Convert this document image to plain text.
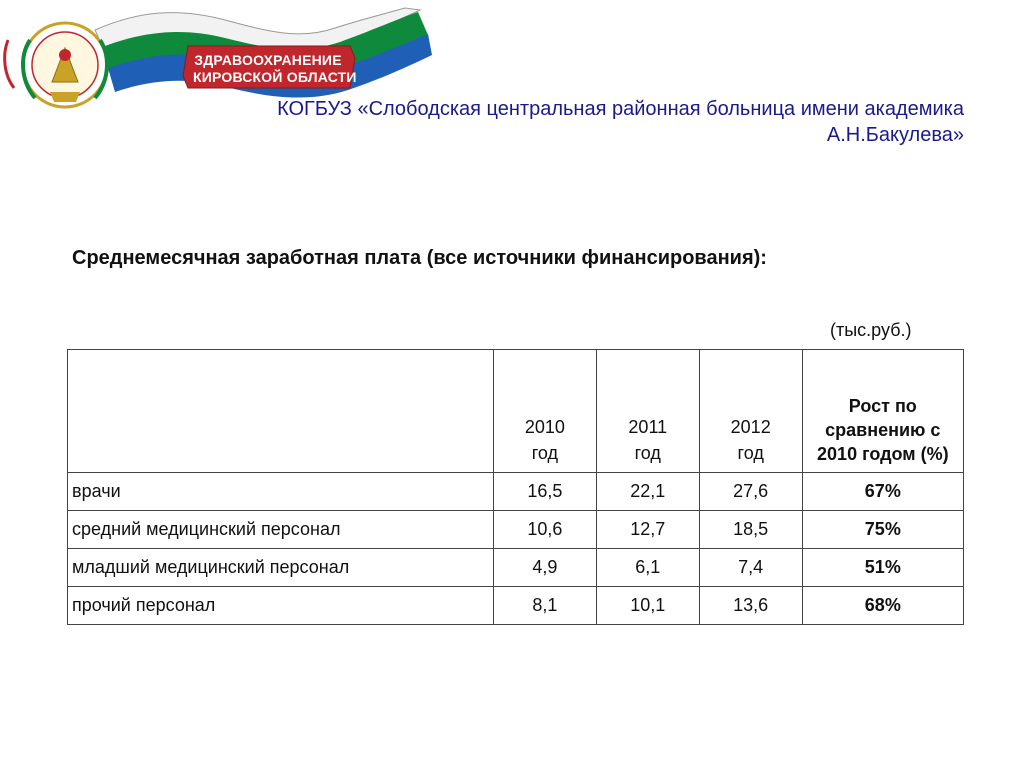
ЗДРАВООХРАНЕНИЕ
КИРОВСКОЙ ОБЛАСТИ
КОГБУЗ «Слободская центральная районная больница имени академика А.Н.Бакулева»
Среднемесячная заработная плата (все источники финансирования):
(тыс.руб.)
	2010 год	2011 год	2012 год	Рост по сравнению с 2010 годом (%)
врачи	16,5	22,1	27,6	67%
средний медицинский персонал	10,6	12,7	18,5	75%
младший медицинский персонал	4,9	6,1	7,4	51%
прочий персонал	8,1	10,1	13,6	68%
